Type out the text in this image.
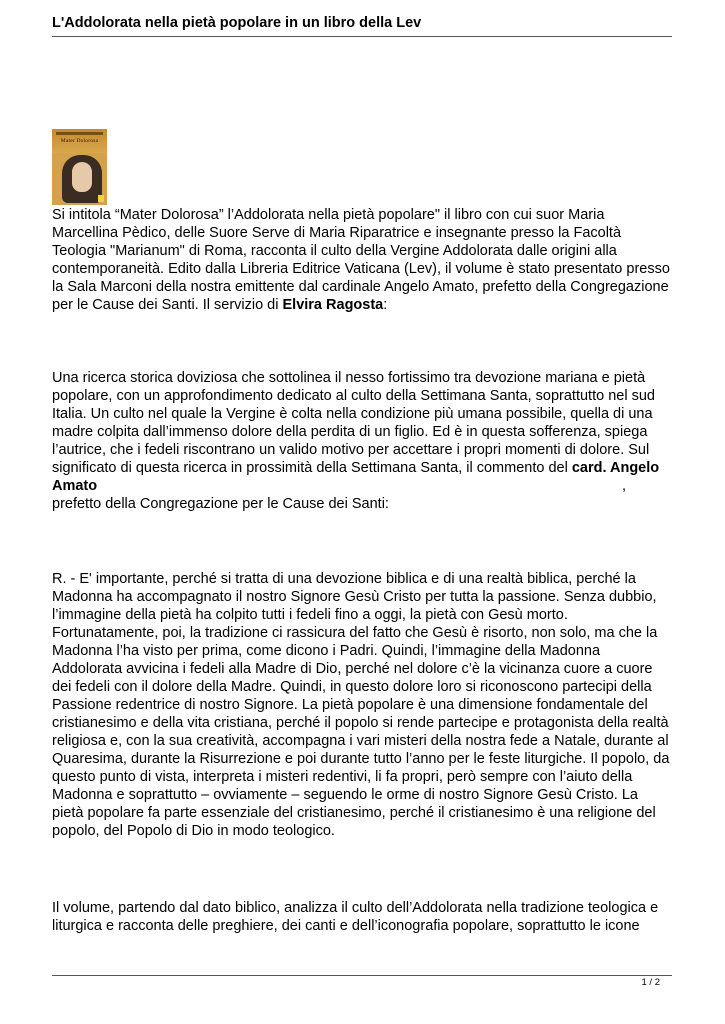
L'Addolorata nella pietà popolare in un libro della Lev
Mater Dolorosa
Si intitola “Mater Dolorosa” l’Addolorata nella pietà popolare" il libro con cui suor Maria Marcellina Pèdico, delle Suore Serve di Maria Riparatrice e insegnante presso la Facoltà Teologia "Marianum" di Roma, racconta il culto della Vergine Addolorata dalle origini alla contemporaneità. Edito dalla Libreria Editrice Vaticana (Lev), il volume è stato presentato presso la Sala Marconi della nostra emittente dal cardinale Angelo Amato, prefetto della Congregazione per le Cause dei Santi. Il servizio di Elvira Ragosta:
Una ricerca storica doviziosa che sottolinea il nesso fortissimo tra devozione mariana e pietà popolare, con un approfondimento dedicato al culto della Settimana Santa, soprattutto nel sud Italia. Un culto nel quale la Vergine è colta nella condizione più umana possibile, quella di una madre colpita dall’immenso dolore della perdita di un figlio. Ed è in questa sofferenza, spiega l’autrice, che i fedeli riscontrano un valido motivo per accettare i propri momenti di dolore. Sul significato di questa ricerca in prossimità della Settimana Santa, il commento del card. Angelo
Amato	,
prefetto della Congregazione per le Cause dei Santi:
R. - E' importante, perché si tratta di una devozione biblica e di una realtà biblica, perché la Madonna ha accompagnato il nostro Signore Gesù Cristo per tutta la passione. Senza dubbio, l’immagine della pietà ha colpito tutti i fedeli fino a oggi, la pietà con Gesù morto. Fortunatamente, poi, la tradizione ci rassicura del fatto che Gesù è risorto, non solo, ma che la Madonna l’ha visto per prima, come dicono i Padri. Quindi, l’immagine della Madonna Addolorata avvicina i fedeli alla Madre di Dio, perché nel dolore c’è la vicinanza cuore a cuore dei fedeli con il dolore della Madre. Quindi, in questo dolore loro si riconoscono partecipi della Passione redentrice di nostro Signore. La pietà popolare è una dimensione fondamentale del cristianesimo e della vita cristiana, perché il popolo si rende partecipe e protagonista della realtà religiosa e, con la sua creatività, accompagna i vari misteri della nostra fede a Natale, durante al Quaresima, durante la Risurrezione e poi durante tutto l’anno per le feste liturgiche. Il popolo, da questo punto di vista, interpreta i misteri redentivi, li fa propri, però sempre con l’aiuto della Madonna e soprattutto – ovviamente – seguendo le orme di nostro Signore Gesù Cristo. La pietà popolare fa parte essenziale del cristianesimo, perché il cristianesimo è una religione del popolo, del Popolo di Dio in modo teologico.
Il volume, partendo dal dato biblico, analizza il culto dell’Addolorata nella tradizione teologica e liturgica e racconta delle preghiere, dei canti e dell’iconografia popolare, soprattutto le icone
1 / 2
